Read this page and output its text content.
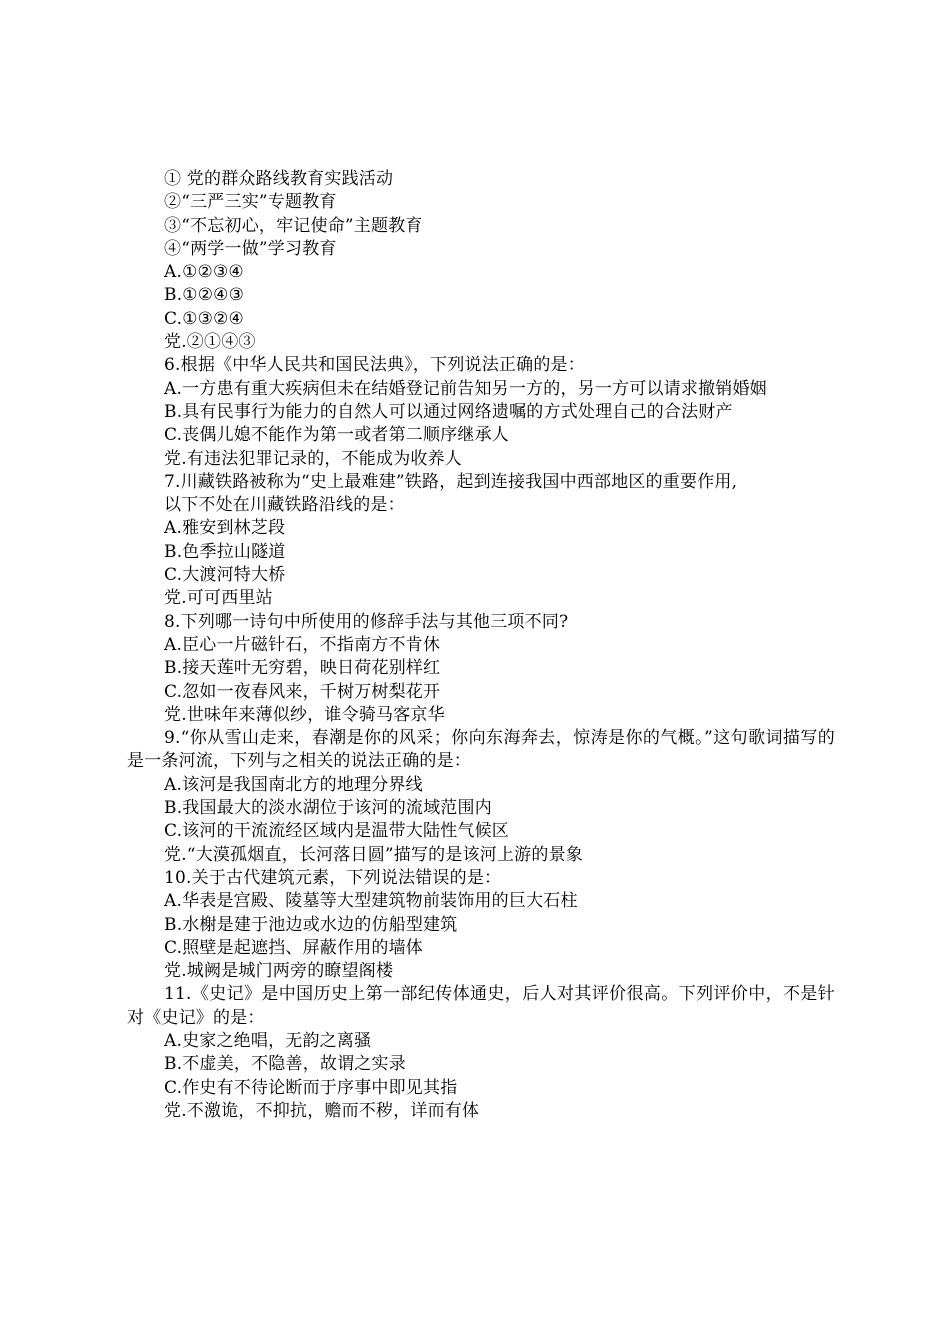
① 党的群众路线教育实践活动
②“三严三实”专题教育
③“不忘初心，牢记使命”主题教育
④“两学一做”学习教育
A.①②③④
B.①②④③
C.①③②④
党.②①④③
6.根据《中华人民共和国民法典》，下列说法正确的是：
A.一方患有重大疾病但未在结婚登记前告知另一方的，另一方可以请求撤销婚姻
B.具有民事行为能力的自然人可以通过网络遗嘱的方式处理自己的合法财产
C.丧偶儿媳不能作为第一或者第二顺序继承人
党.有违法犯罪记录的，不能成为收养人
7.川藏铁路被称为“史上最难建”铁路，起到连接我国中西部地区的重要作用,
以下不处在川藏铁路沿线的是：
A.雅安到林芝段
B.色季拉山隧道
C.大渡河特大桥
党.可可西里站
8.下列哪一诗句中所使用的修辞手法与其他三项不同?
A.臣心一片磁针石，不指南方不肯休
B.接天莲叶无穷碧，映日荷花别样红
C.忽如一夜春风来，千树万树梨花开
党.世味年来薄似纱，谁令骑马客京华
9.“你从雪山走来，春潮是你的风采；你向东海奔去，惊涛是你的气概。”这句歌词描写的是一条河流，下列与之相关的说法正确的是：
A.该河是我国南北方的地理分界线
B.我国最大的淡水湖位于该河的流域范围内
C.该河的干流流经区域内是温带大陆性气候区
党.“大漠孤烟直，长河落日圆”描写的是该河上游的景象
10.关于古代建筑元素，下列说法错误的是：
A.华表是宫殿、陵墓等大型建筑物前装饰用的巨大石柱
B.水榭是建于池边或水边的仿船型建筑
C.照壁是起遮挡、屏蔽作用的墙体
党.城阙是城门两旁的瞭望阁楼
11.《史记》是中国历史上第一部纪传体通史，后人对其评价很高。下列评价中，不是针对《史记》的是：
A.史家之绝唱，无韵之离骚
B.不虚美，不隐善，故谓之实录
C.作史有不待论断而于序事中即见其指
党.不激诡，不抑抗，赡而不秽，详而有体
